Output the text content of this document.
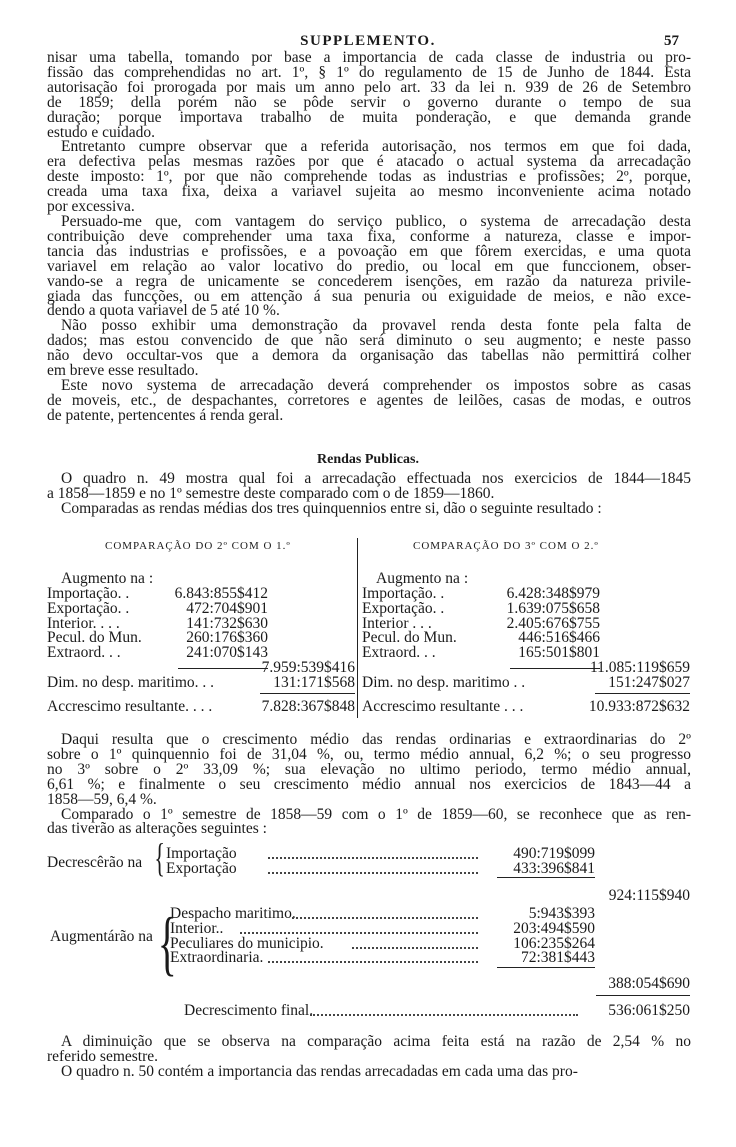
SUPPLEMENTO.	57
nisar uma tabella, tomando por base a importancia de cada classe de industria ou pro-
fissão das comprehendidas no art. 1º, § 1º do regulamento de 15 de Junho de 1844. Esta
autorisação foi prorogada por mais um anno pelo art. 33 da lei n. 939 de 26 de Setembro
de 1859; della porém não se pôde servir o governo durante o tempo de sua
duração; porque importava trabalho de muita ponderação, e que demanda grande
estudo e cuidado.
Entretanto cumpre observar que a referida autorisação, nos termos em que foi dada,
era defectiva pelas mesmas razões por que é atacado o actual systema da arrecadação
deste imposto: 1º, por que não comprehende todas as industrias e profissões; 2º, porque,
creada uma taxa fixa, deixa a variavel sujeita ao mesmo inconveniente acima notado
por excessiva.
Persuado-me que, com vantagem do serviço publico, o systema de arrecadação desta
contribuição deve comprehender uma taxa fixa, conforme a natureza, classe e impor-
tancia das industrias e profissões, e a povoação em que fôrem exercidas, e uma quota
variavel em relação ao valor locativo do predio, ou local em que funccionem, obser-
vando-se a regra de unicamente se concederem isenções, em razão da natureza privile-
giada das funcções, ou em attenção á sua penuria ou exiguidade de meios, e não exce-
dendo a quota variavel de 5 até 10 %.
Não posso exhibir uma demonstração da provavel renda desta fonte pela falta de
dados; mas estou convencido de que não será diminuto o seu augmento; e neste passo
não devo occultar-vos que a demora da organisação das tabellas não permittirá colher
em breve esse resultado.
Este novo systema de arrecadação deverá comprehender os impostos sobre as casas
de moveis, etc., de despachantes, corretores e agentes de leilões, casas de modas, e outros
de patente, pertencentes á renda geral.
Rendas Publicas.
O quadro n. 49 mostra qual foi a arrecadação effectuada nos exercicios de 1844—1845
a 1858—1859 e no 1º semestre deste comparado com o de 1859—1860.
Comparadas as rendas médias dos tres quinquennios entre si, dão o seguinte resultado :
COMPARAÇÃO DO 2º COM O 1.º
Augmento na :
Importação. .	6.843:855$412
Exportação. .	472:704$901
Interior. . . .	141:732$630
Pecul. do Mun.	260:176$360
Extraord. . .	241:070$143
7.959:539$416
Dim. no desp. maritimo. . .	131:171$568
Accrescimo resultante. . . .	7.828:367$848
COMPARAÇÃO DO 3º COM O 2.º
Augmento na :
Importação. .	6.428:348$979
Exportação. .	1.639:075$658
Interior . . .	2.405:676$755
Pecul. do Mun.	446:516$466
Extraord. . .	165:501$801
11.085:119$659
Dim. no desp. maritimo . .	151:247$027
Accrescimo resultante . . .	10.933:872$632
Daqui resulta que o crescimento médio das rendas ordinarias e extraordinarias do 2º
sobre o 1º quinquennio foi de 31,04 %, ou, termo médio annual, 6,2 %; o seu progresso
no 3º sobre o 2º 33,09 %; sua elevação no ultimo periodo, termo médio annual,
6,61 %; e finalmente o seu crescimento médio annual nos exercicios de 1843—44 a
1858—59, 6,4 %.
Comparado o 1º semestre de 1858—59 com o 1º de 1859—60, se reconhece que as ren-
das tiverão as alterações seguintes :
Decrescêrão na { Importação	490:719$099
Exportação	433:396$841
924:115$940
Augmentárão na {
Despacho maritimo.	5:943$393
Interior..	203:494$590
Peculiares do municipio.	106:235$264
Extraordinaria.	72:381$443
388:054$690
Decrescimento final.	536:061$250
A diminuição que se observa na comparação acima feita está na razão de 2,54 % no
referido semestre.
O quadro n. 50 contém a importancia das rendas arrecadadas em cada uma das pro-
